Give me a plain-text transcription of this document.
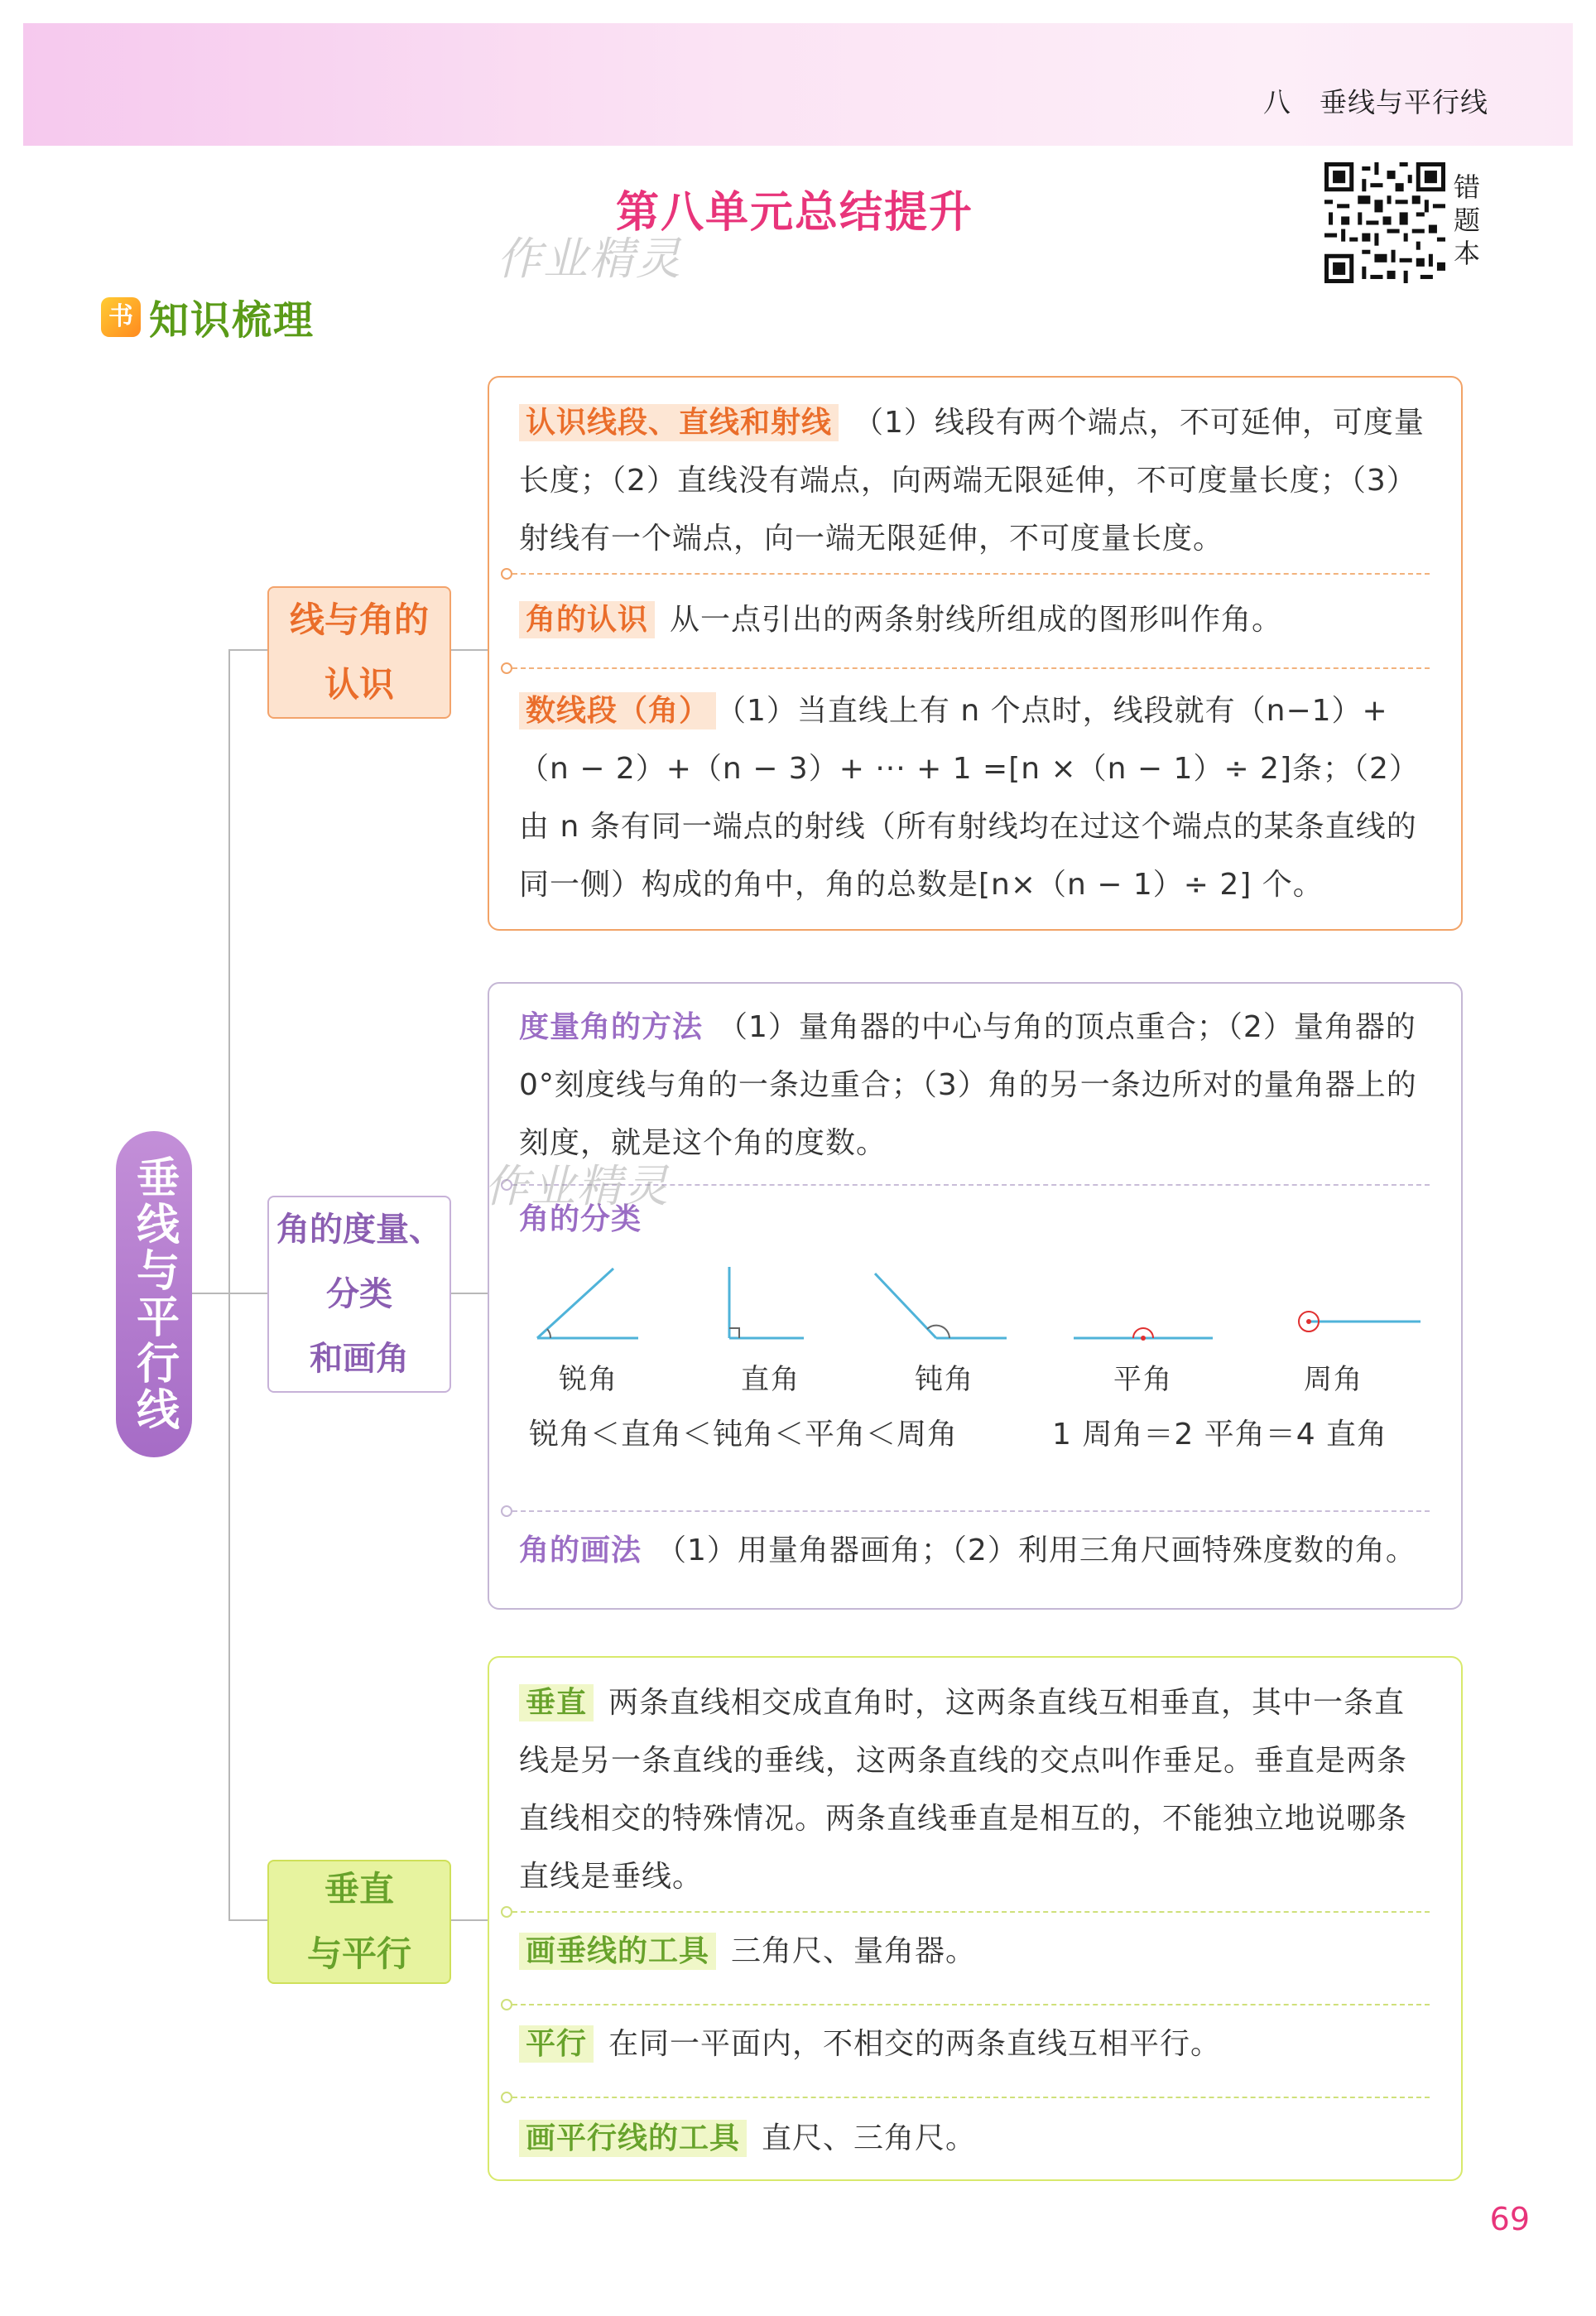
八　垂线与平行线
第八单元总结提升
作业精灵
错
题
本
书 知识梳理
垂线与平行线
线与角的
认识
角的度量、
分类
和画角
垂直
与平行
认识线段、直线和射线 （1）线段有两个端点，不可延伸，可度量长度；（2）直线没有端点，向两端无限延伸，不可度量长度；（3）射线有一个端点，向一端无限延伸，不可度量长度。
角的认识 从一点引出的两条射线所组成的图形叫作角。
数线段（角） （1）当直线上有 n 个点时，线段就有（n−1）+（n − 2）+（n − 3）+ ··· + 1 =[n ×（n − 1）÷ 2]条；（2）由 n 条有同一端点的射线（所有射线均在过这个端点的某条直线的同一侧）构成的角中，角的总数是[n×（n − 1）÷ 2] 个。
度量角的方法 （1）量角器的中心与角的顶点重合；（2）量角器的0°刻度线与角的一条边重合；（3）角的另一条边所对的量角器上的刻度，就是这个角的度数。
角的分类
锐角	直角	钝角	平角	周角
锐角＜直角＜钝角＜平角＜周角	1 周角＝2 平角＝4 直角
角的画法 （1）用量角器画角；（2）利用三角尺画特殊度数的角。
作业精灵
垂直 两条直线相交成直角时，这两条直线互相垂直，其中一条直线是另一条直线的垂线，这两条直线的交点叫作垂足。垂直是两条直线相交的特殊情况。两条直线垂直是相互的，不能独立地说哪条直线是垂线。
画垂线的工具 三角尺、量角器。
平行 在同一平面内，不相交的两条直线互相平行。
画平行线的工具 直尺、三角尺。
69
